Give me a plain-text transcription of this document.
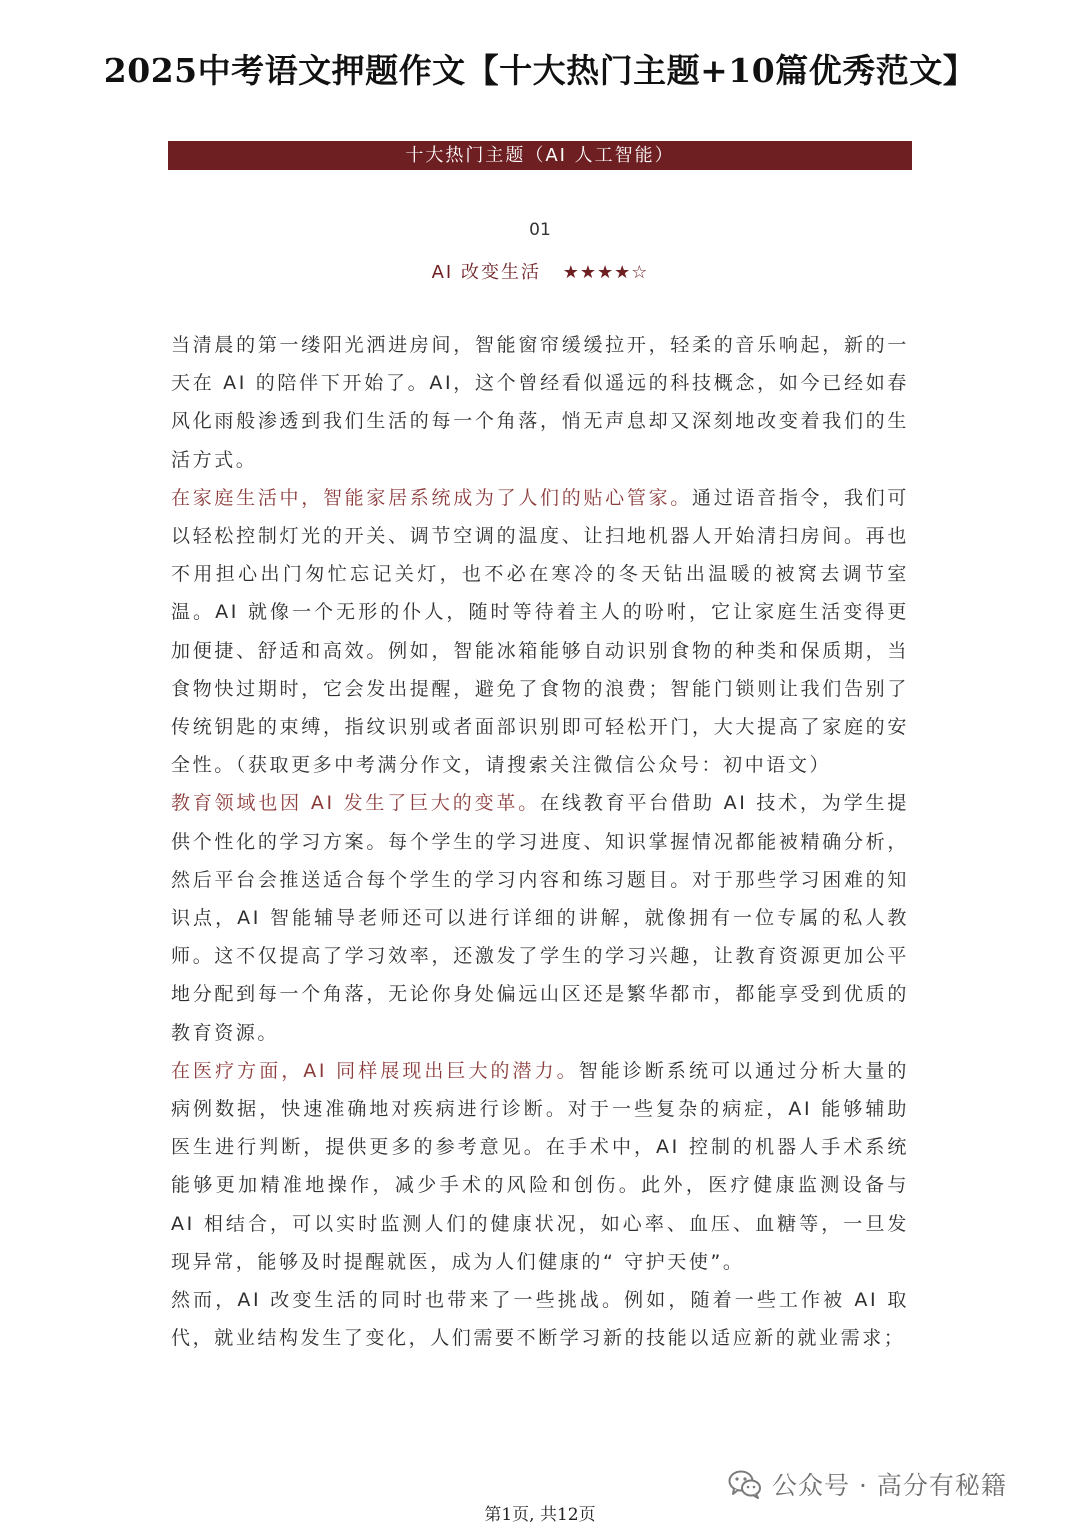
2025中考语文押题作文【十大热门主题+10篇优秀范文】
十大热门主题（AI 人工智能）
01
AI 改变生活 ★★★★☆

当清晨的第一缕阳光洒进房间，智能窗帘缓缓拉开，轻柔的音乐响起，新的一天在 AI 的陪伴下开始了。AI，这个曾经看似遥远的科技概念，如今已经如春风化雨般渗透到我们生活的每一个角落，悄无声息却又深刻地改变着我们的生活方式。

在家庭生活中，智能家居系统成为了人们的贴心管家。通过语音指令，我们可以轻松控制灯光的开关、调节空调的温度、让扫地机器人开始清扫房间。再也不用担心出门匆忙忘记关灯，也不必在寒冷的冬天钻出温暖的被窝去调节室温。AI 就像一个无形的仆人，随时等待着主人的吩咐，它让家庭生活变得更加便捷、舒适和高效。例如，智能冰箱能够自动识别食物的种类和保质期，当食物快过期时，它会发出提醒，避免了食物的浪费；智能门锁则让我们告别了传统钥匙的束缚，指纹识别或者面部识别即可轻松开门，大大提高了家庭的安全性。（获取更多中考满分作文，请搜索关注微信公众号：初中语文）

教育领域也因 AI 发生了巨大的变革。在线教育平台借助 AI 技术，为学生提供个性化的学习方案。每个学生的学习进度、知识掌握情况都能被精确分析，然后平台会推送适合每个学生的学习内容和练习题目。对于那些学习困难的知识点，AI 智能辅导老师还可以进行详细的讲解，就像拥有一位专属的私人教师。这不仅提高了学习效率，还激发了学生的学习兴趣，让教育资源更加公平地分配到每一个角落，无论你身处偏远山区还是繁华都市，都能享受到优质的教育资源。

在医疗方面，AI 同样展现出巨大的潜力。智能诊断系统可以通过分析大量的病例数据，快速准确地对疾病进行诊断。对于一些复杂的病症，AI 能够辅助医生进行判断，提供更多的参考意见。在手术中，AI 控制的机器人手术系统能够更加精准地操作，减少手术的风险和创伤。此外，医疗健康监测设备与 AI 相结合，可以实时监测人们的健康状况，如心率、血压、血糖等，一旦发现异常，能够及时提醒就医，成为人们健康的“ 守护天使”。

然而，AI 改变生活的同时也带来了一些挑战。例如，随着一些工作被 AI 取代，就业结构发生了变化，人们需要不断学习新的技能以适应新的就业需求；

公众号 · 高分有秘籍
第1页, 共12页
